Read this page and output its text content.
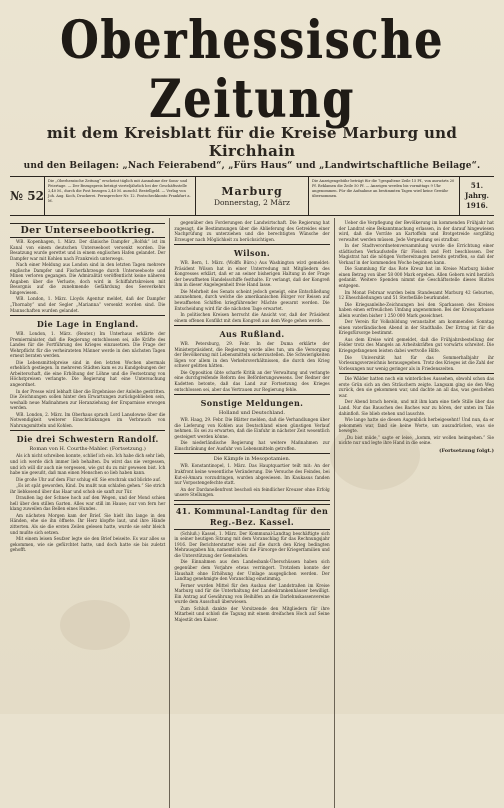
Oberhessische Zeitung
mit dem Kreisblatt für die Kreise Marburg und Kirchhain
und den Beilagen: „Nach Feierabend“, „Fürs Haus“ und „Landwirtschaftliche Beilage“.
№ 52
Die „Oberhessische Zeitung“ erscheint täglich mit Ausnahme der Sonn- und Feiertage. — Der Bezugspreis beträgt vierteljährlich bei der Geschäftsstelle 2,40 M., durch die Post bezogen 2,40 M. ausschl. Bestellgeld. — Verlag von Joh. Aug. Koch, Druckerei. Fernsprecher Nr. 12. Postscheckkonto Frankfurt a. M.
Marburg
Donnerstag, 2 März
Die Anzeigengebühr beträgt für die 7gespaltene Zeile 15 Pf., von auswärts 20 Pf. Reklamen die Zeile 50 Pf. — Anzeigen werden bis vormittags 9 Uhr angenommen. Für die Aufnahme an bestimmten Tagen wird keine Gewähr übernommen.
51. Jahrg.
1916.
Der Unterseebootkrieg.

WB. Kopenhagen, 1. März. Der dänische Dampfer „Rolfsk“ ist im Kanal von einem deutschen Unterseeboot versenkt worden. Die Besatzung wurde gerettet und in einem englischen Hafen gelandet. Der Dampfer war mit Kohlen nach Frankreich unterwegs.

Nach einer Meldung aus London sind in den letzten Tagen mehrere englische Dampfer und Fischerfahrzeuge durch Unterseeboote und Minen verloren gegangen. Die Admiralität veröffentlicht keine näheren Angaben über die Verluste, doch wird in Schiffahrtskreisen mit Besorgnis auf die zunehmende Gefährdung des Seeverkehrs hingewiesen.

WB. London, 1. März. Lloyds Agentur meldet, daß der Dampfer „Thornaby“ und der Segler „Marianna“ versenkt worden sind. Die Mannschaften wurden gelandet.

Die Lage in England.

WB. London, 1. März. (Reuter.) Im Unterhaus erklärte der Premierminister, daß die Regierung entschlossen sei, alle Kräfte des Landes für die Fortführung des Krieges einzusetzen. Die Frage der Wehrpflicht für die verheirateten Männer werde in den nächsten Tagen erneut beraten werden.

Die Lebensmittelpreise sind in den letzten Wochen abermals erheblich gestiegen. In mehreren Städten kam es zu Kundgebungen der Arbeiterschaft, die eine Erhöhung der Löhne und die Festsetzung von Höchstpreisen verlangte. Die Regierung hat eine Untersuchung angeordnet.

In der Presse wird lebhaft über die Ergebnisse der Anleihe gestritten. Die Zeichnungen sollen hinter den Erwartungen zurückgeblieben sein, weshalb neue Maßnahmen zur Heranziehung der Ersparnisse erwogen werden.

WB. London, 2. März. Im Oberhaus sprach Lord Lansdowne über die Notwendigkeit weiterer Einschränkungen im Verbrauch von Nahrungsmitteln und Kohlen.

Die drei Schwestern Randolf.
Roman von H. Courths-Mahler. (Fortsetzung.)

Als ich nicht schreiben konnte, schlief ich ein. Ich habe dich sehr lieb, und ich werde dich immer lieb behalten. Du wirst das nie vergessen, und ich will dir auch nie vergessen, wie gut du zu mir gewesen bist. Ich habe nie gewußt, daß man einen Menschen so lieb haben kann.

Die große Uhr auf dem Flur schlug elf. Sie erschrak und blickte auf.

„Es ist spät geworden, Kind. Du mußt nun schlafen gehen.“ Sie strich ihr liebkosend über das Haar und schob sie sanft zur Tür.

Draußen lag der Schnee hoch auf den Wegen, und der Mond schien hell über den stillen Garten. Alles war still im Hause; nur von fern her klang zuweilen das Bellen eines Hundes.

Am nächsten Morgen kam der Brief. Sie hielt ihn lange in den Händen, ehe sie ihn öffnete. Ihr Herz klopfte laut, und ihre Hände zitterten. Als sie die ersten Zeilen gelesen hatte, wurde sie sehr bleich und mußte sich setzen.

Mit einem leisen Seufzer legte sie den Brief beiseite. Es war alles so gekommen, wie sie gefürchtet hatte, und doch hatte sie bis zuletzt gehofft.

gegenüber den Forderungen der Landwirtschaft. Die Regierung hat zugesagt, die Bestimmungen über die Ablieferung des Getreides einer Nachprüfung zu unterziehen und die berechtigten Wünsche der Erzeuger nach Möglichkeit zu berücksichtigen.

Wilson.

WB. Bern, 1. März. (Wolffs Büro.) Aus Washington wird gemeldet: Präsident Wilson hat in einer Unterredung mit Mitgliedern des Kongresses erklärt, daß er an seiner bisherigen Haltung in der Frage der bewaffneten Handelsschiffe festhalte. Er verlangt, daß der Kongreß ihm in dieser Angelegenheit freie Hand lasse.

Die Mehrheit des Senats scheint jedoch geneigt, eine Entschließung anzunehmen, durch welche die amerikanischen Bürger vor Reisen auf bewaffneten Schiffen kriegführender Mächte gewarnt werden. Die Entscheidung wird für die nächsten Tage erwartet.

In politischen Kreisen herrscht die Ansicht vor, daß der Präsident einem offenen Konflikt mit dem Kongreß aus dem Wege gehen werde.

Aus Rußland.

WB. Petersburg, 29. Febr. In der Duma erklärte der Ministerpräsident, die Regierung werde alles tun, um die Versorgung der Bevölkerung mit Lebensmitteln sicherzustellen. Die Schwierigkeiten lägen vor allem in den Verkehrsverhältnissen, die durch den Krieg schwer gelitten hätten.

Die Opposition übte scharfe Kritik an der Verwaltung und verlangte eine durchgreifende Reform des Beförderungswesens. Der Redner der Kadetten betonte, daß das Land zur Fortsetzung des Krieges entschlossen sei, aber das Vertrauen zur Regierung fehle.

Sonstige Meldungen.
Holland und Deutschland.

WB. Haag, 29. Febr. Die Blätter melden, daß die Verhandlungen über die Lieferung von Kohlen aus Deutschland einen günstigen Verlauf nehmen. Es sei zu erwarten, daß die Einfuhr in nächster Zeit wesentlich gesteigert werden könne.

Die niederländische Regierung hat weitere Maßnahmen zur Einschränkung der Ausfuhr von Lebensmitteln getroffen.

Die Kämpfe in Mesopotamien.

WB. Konstantinopel, 1. März. Das Hauptquartier teilt mit: An der Irakfront keine wesentliche Veränderung. Die Versuche des Feindes, bei Kut-el-Amara vorzudringen, wurden abgewiesen. Im Kaukasus fanden nur Vorpostengefechte statt.

An der Dardanellenfront beschoß ein feindlicher Kreuzer ohne Erfolg unsere Stellungen.

41. Kommunal-Landtag für den Reg.-Bez. Kassel.

(Schluß.) Kassel, 1. März. Der Kommunal-Landtag beschäftigte sich in seiner heutigen Sitzung mit dem Voranschlag für das Rechnungsjahr 1916. Der Berichterstatter wies auf die durch den Krieg bedingten Mehrausgaben hin, namentlich für die Fürsorge der Kriegerfamilien und die Unterstützung der Gemeinden.

Die Einnahmen aus den Landesbank-Überschüssen haben sich gegenüber dem Vorjahre etwas verringert. Trotzdem konnte der Haushalt ohne Erhöhung der Umlage ausgeglichen werden. Der Landtag genehmigte den Voranschlag einstimmig.

Ferner wurden Mittel für den Ausbau der Landstraßen im Kreise Marburg und für die Unterhaltung der Landeskrankenhäuser bewilligt. Ein Antrag auf Gewährung von Beihilfen an die Darlehnskassenvereine wurde dem Ausschuß überwiesen.

Zum Schluß dankte der Vorsitzende den Mitgliedern für ihre Mitarbeit und schloß die Tagung mit einem dreifachen Hoch auf Seine Majestät den Kaiser.

Ueber die Verpflegung der Bevölkerung im kommenden Frühjahr hat der Landrat eine Bekanntmachung erlassen, in der darauf hingewiesen wird, daß die Vorräte an Kartoffeln und Brotgetreide sorgfältig verwaltet werden müssen. Jede Vergeudung sei strafbar.

In der Stadtverordnetenversammlung wurde die Errichtung einer städtischen Verkaufsstelle für Fleisch und Fett beschlossen. Der Magistrat hat die nötigen Vorbereitungen bereits getroffen, so daß der Verkauf in der kommenden Woche beginnen kann.

Die Sammlung für das Rote Kreuz hat im Kreise Marburg bisher einen Betrag von über 58 000 Mark ergeben. Allen Gebern wird herzlich gedankt. Weitere Spenden nimmt die Geschäftsstelle dieses Blattes entgegen.

Im Monat Februar wurden beim Standesamt Marburg 42 Geburten, 12 Eheschließungen und 51 Sterbefälle beurkundet.

Die Kriegsanleihe-Zeichnungen bei den Sparkassen des Kreises haben einen erfreulichen Umfang angenommen. Bei der Kreissparkasse allein wurden bisher 1 250 000 Mark gezeichnet.

Der Verein für Volksbildung veranstaltet am kommenden Sonntag einen vaterländischen Abend in der Stadthalle. Der Ertrag ist für die Kriegsfürsorge bestimmt.

Aus dem Kreise wird gemeldet, daß die Frühjahrsbestellung der Felder trotz des Mangels an Arbeitskräften gut vorwärts schreitet. Die Kriegsgefangenen leisten dabei wertvolle Hilfe.

Die Universität hat für das Sommerhalbjahr ihr Vorlesungsverzeichnis herausgegeben. Trotz des Krieges ist die Zahl der Vorlesungen nur wenig geringer als in Friedenszeiten.

Die Wälder hatten noch ein winterliches Aussehen, obwohl schon das erste Grün sich an den Sträuchern zeigte. Langsam ging sie den Weg zurück, den sie gekommen war, und dachte an all das, was geschehen war.

Der Abend brach herein, und mit ihm kam eine tiefe Stille über das Land. Nur das Rauschen des Baches war zu hören, der unten im Tale dahinfloß. Sie blieb stehen und lauschte.

Wie lange hatte sie diesen Augenblick herbeigesehnt! Und nun, da er gekommen war, fand sie keine Worte, um auszudrücken, was sie bewegte.

„Du bist müde,“ sagte er leise, „komm, wir wollen heimgehen.“ Sie nickte nur und legte ihre Hand in die seine.

(Fortsetzung folgt.)
